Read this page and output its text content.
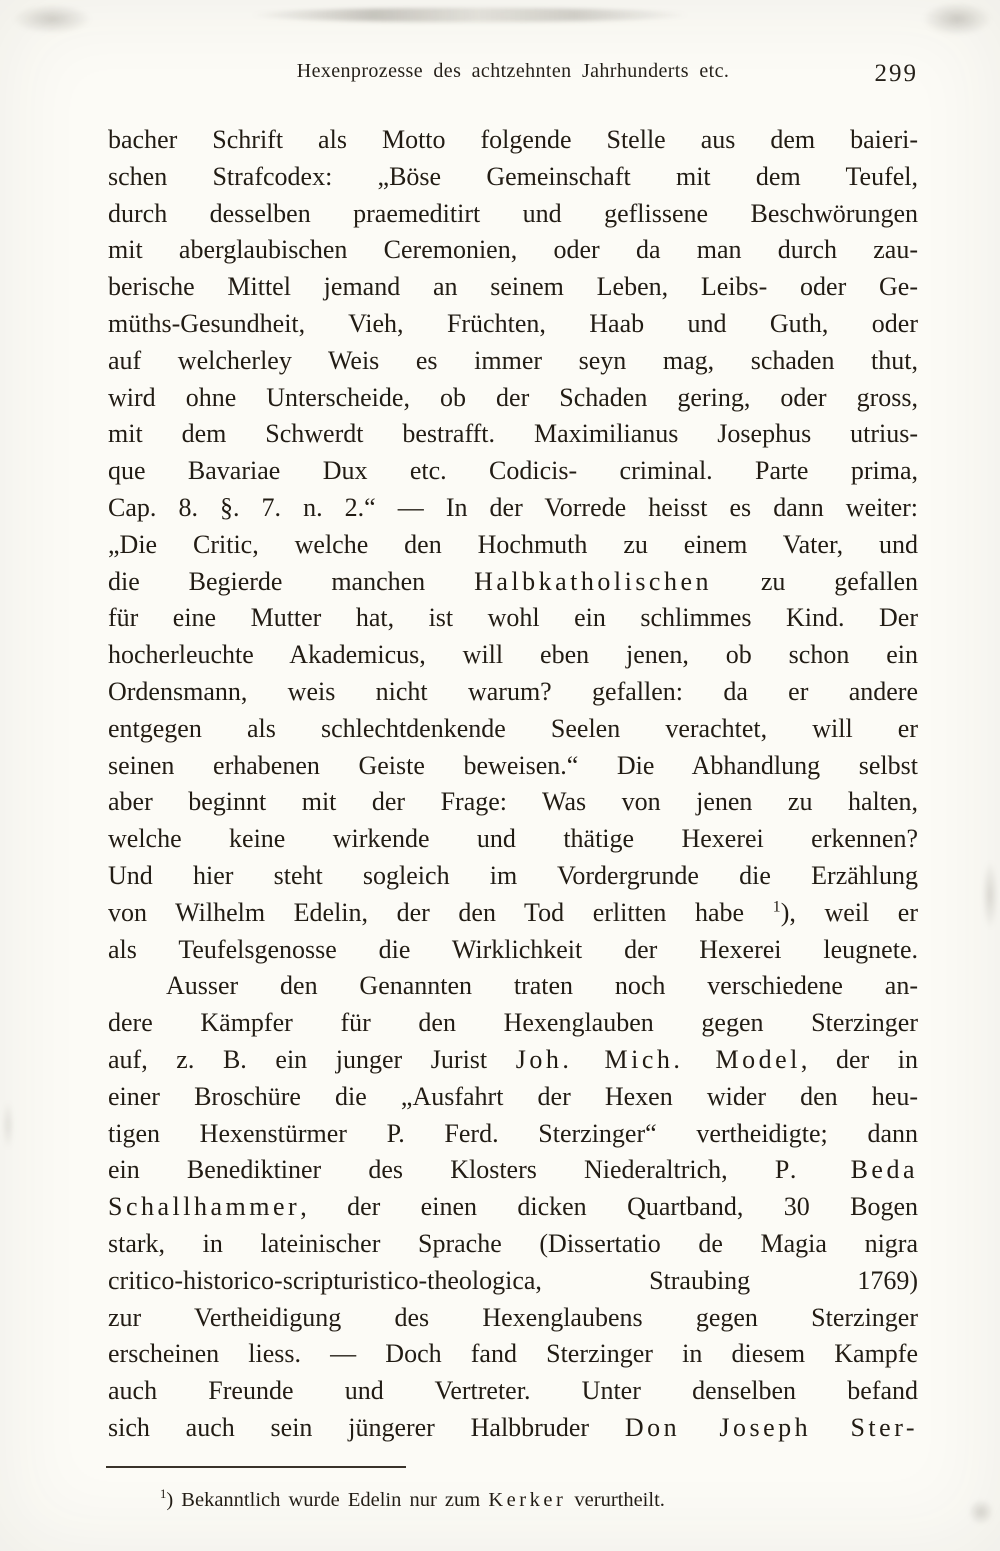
Hexenprozesse des achtzehnten Jahrhunderts etc.	299
bacher Schrift als Motto folgende Stelle aus dem baieri-
schen Strafcodex: „Böse Gemeinschaft mit dem Teufel,
durch desselben praemeditirt und geflissene Beschwörungen
mit aberglaubischen Ceremonien, oder da man durch zau-
berische Mittel jemand an seinem Leben, Leibs- oder Ge-
müths-Gesundheit, Vieh, Früchten, Haab und Guth, oder
auf welcherley Weis es immer seyn mag, schaden thut,
wird ohne Unterscheide, ob der Schaden gering, oder gross,
mit dem Schwerdt bestrafft. Maximilianus Josephus utrius-
que Bavariae Dux etc. Codicis- criminal. Parte prima,
Cap. 8. §. 7. n. 2.“ — In der Vorrede heisst es dann weiter:
„Die Critic, welche den Hochmuth zu einem Vater, und
die Begierde manchen Halbkatholischen zu gefallen
für eine Mutter hat, ist wohl ein schlimmes Kind. Der
hocherleuchte Akademicus, will eben jenen, ob schon ein
Ordensmann, weis nicht warum? gefallen: da er andere
entgegen als schlechtdenkende Seelen verachtet, will er
seinen erhabenen Geiste beweisen.“ Die Abhandlung selbst
aber beginnt mit der Frage: Was von jenen zu halten,
welche keine wirkende und thätige Hexerei erkennen?
Und hier steht sogleich im Vordergrunde die Erzählung
von Wilhelm Edelin, der den Tod erlitten habe $^1$), weil er
als Teufelsgenosse die Wirklichkeit der Hexerei leugnete.
Ausser den Genannten traten noch verschiedene an-
dere Kämpfer für den Hexenglauben gegen Sterzinger
auf, z. B. ein junger Jurist Joh. Mich. Model, der in
einer Broschüre die „Ausfahrt der Hexen wider den heu-
tigen Hexenstürmer P. Ferd. Sterzinger“ vertheidigte; dann
ein Benediktiner des Klosters Niederaltrich, P. Beda
Schallhammer, der einen dicken Quartband, 30 Bogen
stark, in lateinischer Sprache (Dissertatio de Magia nigra
critico-historico-scripturistico-theologica, Straubing 1769)
zur Vertheidigung des Hexenglaubens gegen Sterzinger
erscheinen liess. — Doch fand Sterzinger in diesem Kampfe
auch Freunde und Vertreter. Unter denselben befand
sich auch sein jüngerer Halbbruder Don Joseph Ster-
$^1$) Bekanntlich wurde Edelin nur zum Kerker verurtheilt.
